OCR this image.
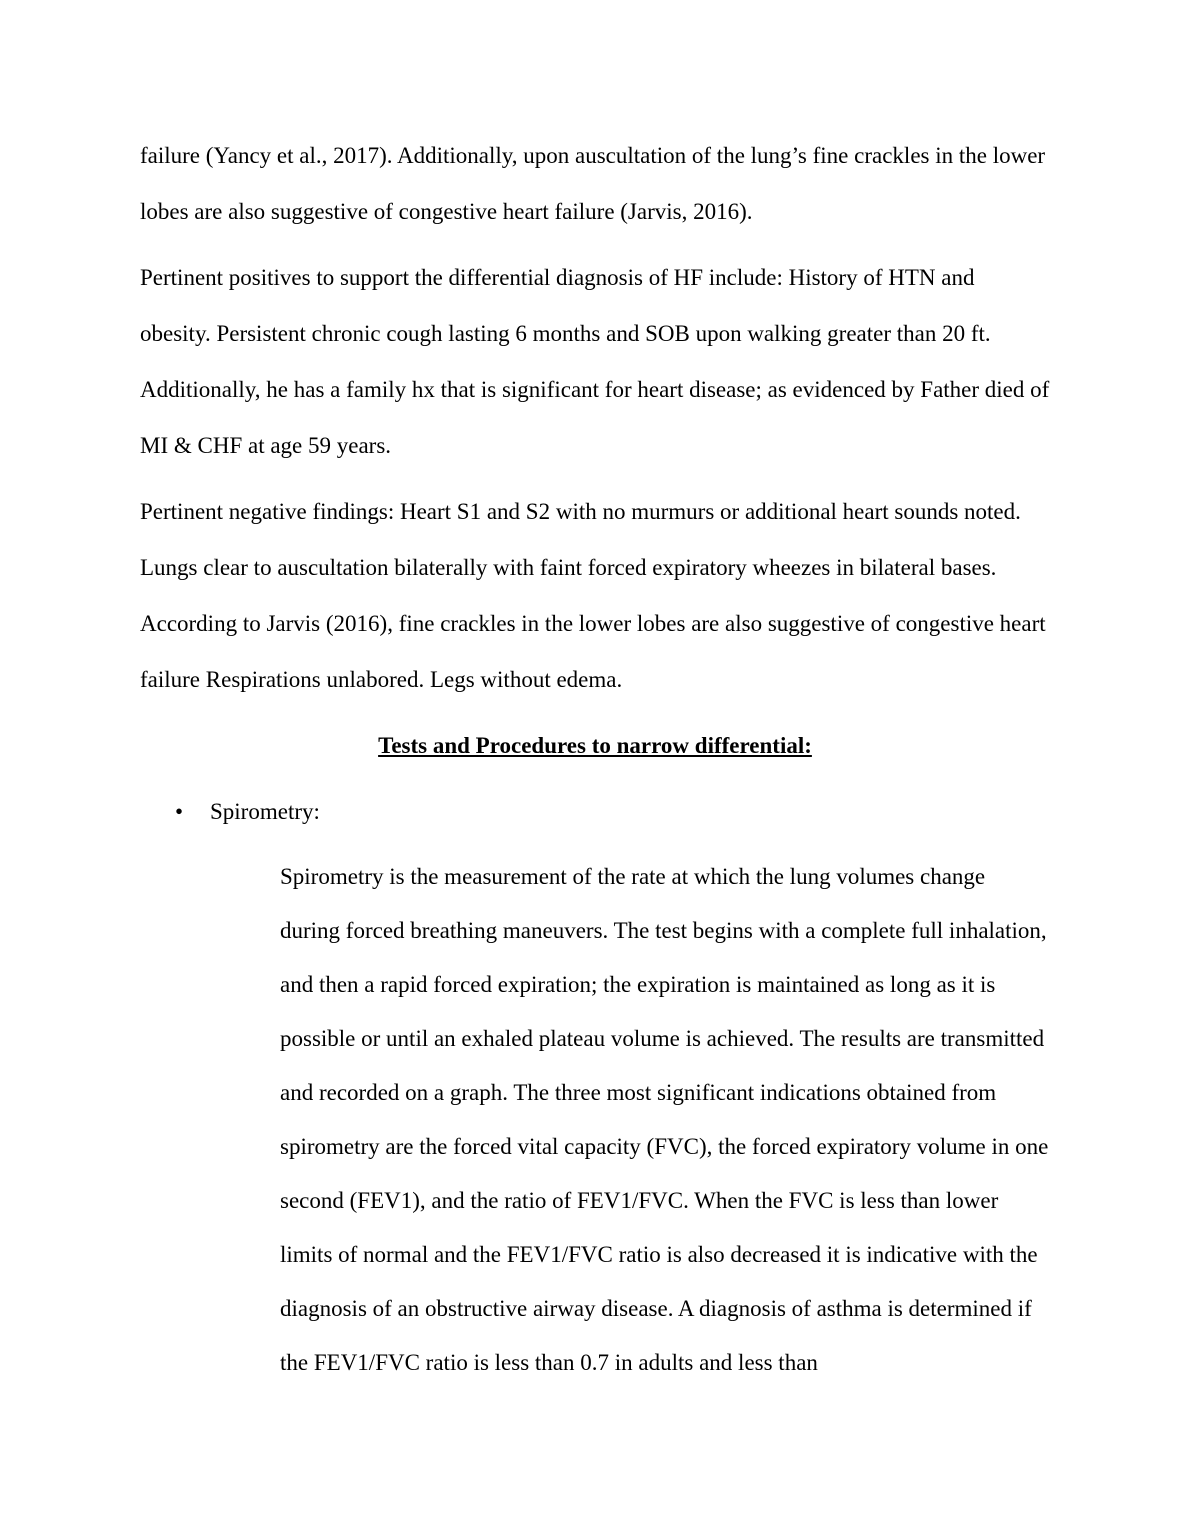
failure (Yancy et al., 2017). Additionally, upon auscultation of the lung’s fine crackles in the lower lobes are also suggestive of congestive heart failure (Jarvis, 2016).

Pertinent positives to support the differential diagnosis of HF include: History of HTN and obesity. Persistent chronic cough lasting 6 months and SOB upon walking greater than 20 ft. Additionally, he has a family hx that is significant for heart disease; as evidenced by Father died of MI & CHF at age 59 years.

Pertinent negative findings: Heart S1 and S2 with no murmurs or additional heart sounds noted. Lungs clear to auscultation bilaterally with faint forced expiratory wheezes in bilateral bases. According to Jarvis (2016), fine crackles in the lower lobes are also suggestive of congestive heart failure Respirations unlabored. Legs without edema.

Tests and Procedures to narrow differential:
• Spirometry:

Spirometry is the measurement of the rate at which the lung volumes change during forced breathing maneuvers. The test begins with a complete full inhalation, and then a rapid forced expiration; the expiration is maintained as long as it is possible or until an exhaled plateau volume is achieved. The results are transmitted and recorded on a graph. The three most significant indications obtained from spirometry are the forced vital capacity (FVC), the forced expiratory volume in one second (FEV1), and the ratio of FEV1/FVC. When the FVC is less than lower limits of normal and the FEV1/FVC ratio is also decreased it is indicative with the diagnosis of an obstructive airway disease. A diagnosis of asthma is determined if the FEV1/FVC ratio is less than 0.7 in adults and less than
